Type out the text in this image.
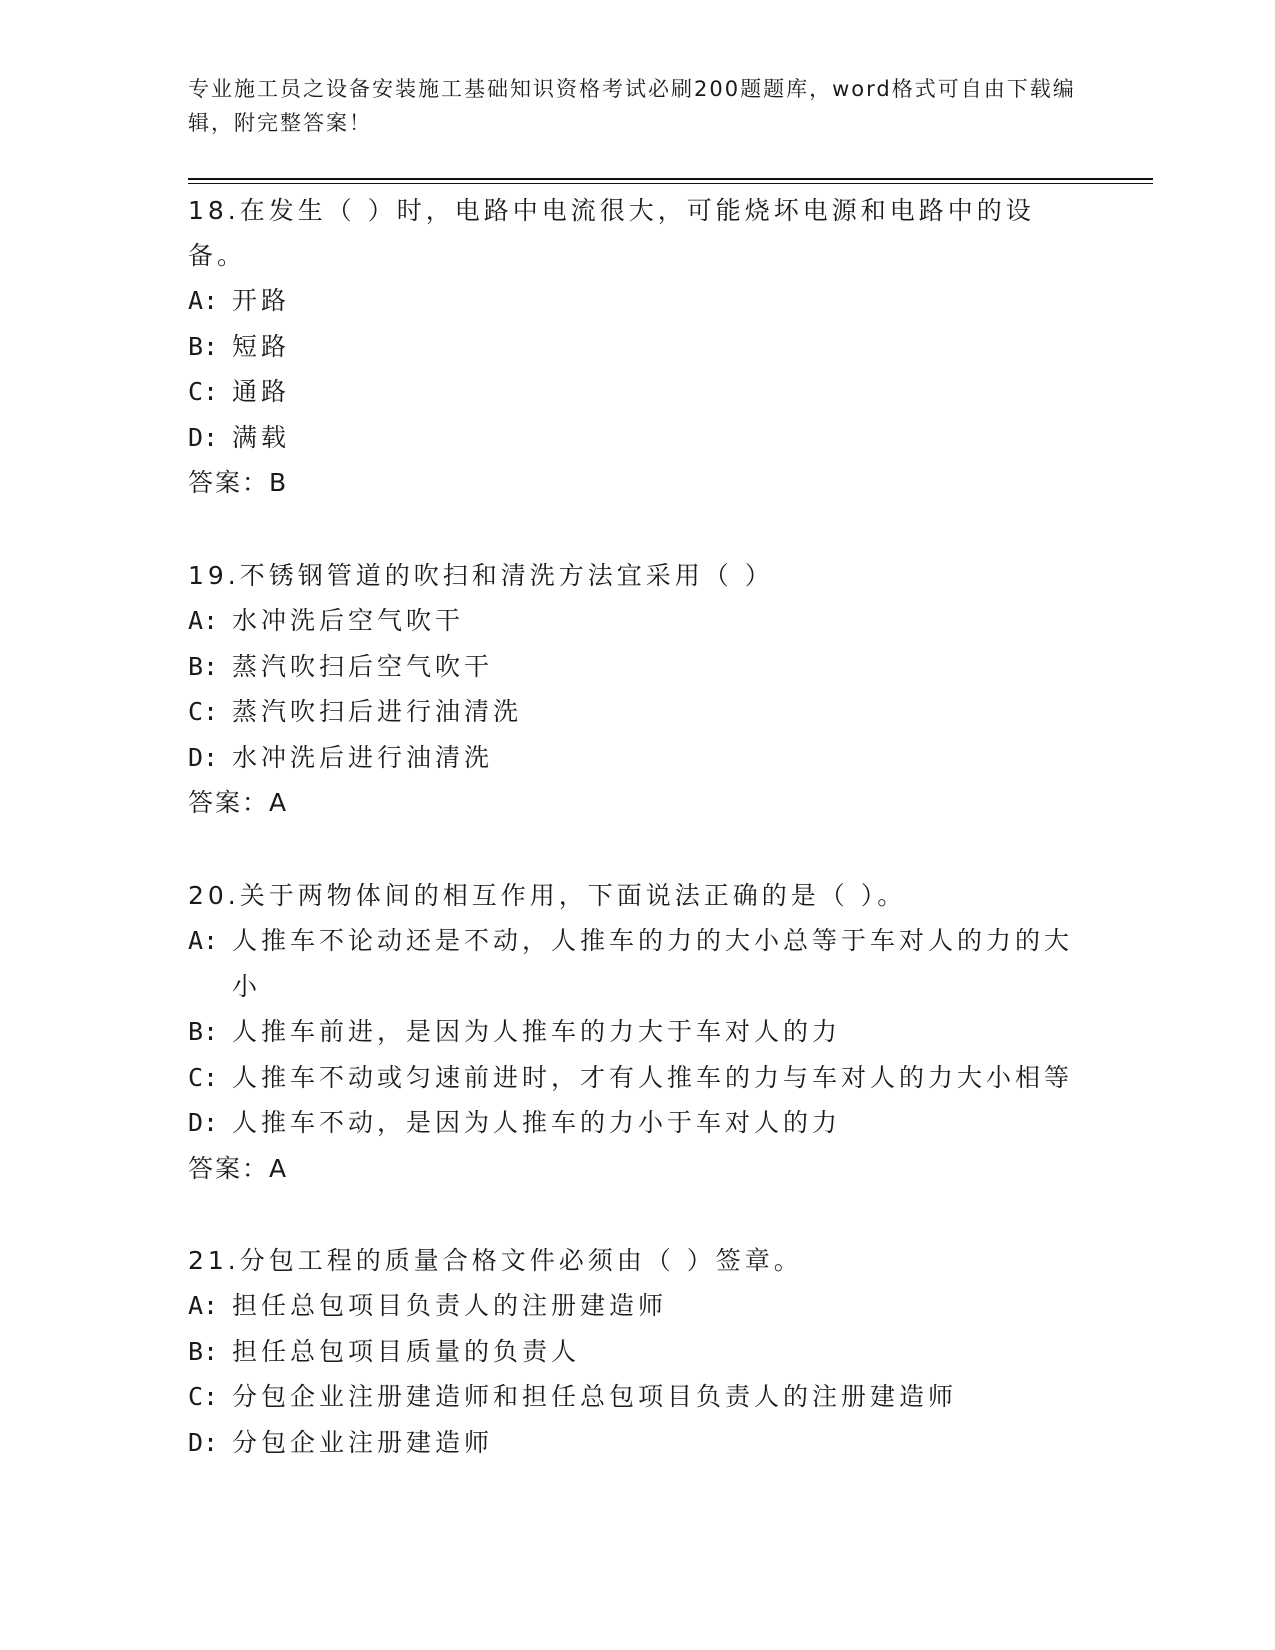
专业施工员之设备安装施工基础知识资格考试必刷200题题库，word格式可自由下载编辑，附完整答案！

18.在发生（ ）时，电路中电流很大，可能烧坏电源和电路中的设备。

A: 开路
B: 短路
C: 通路
D: 满载

答案：B

19.不锈钢管道的吹扫和清洗方法宜采用（ ）

A: 水冲洗后空气吹干
B: 蒸汽吹扫后空气吹干
C: 蒸汽吹扫后进行油清洗
D: 水冲洗后进行油清洗

答案：A

20.关于两物体间的相互作用，下面说法正确的是（ ）。

A: 人推车不论动还是不动，人推车的力的大小总等于车对人的力的大小
B: 人推车前进，是因为人推车的力大于车对人的力
C: 人推车不动或匀速前进时，才有人推车的力与车对人的力大小相等
D: 人推车不动，是因为人推车的力小于车对人的力

答案：A

21.分包工程的质量合格文件必须由（ ）签章。

A: 担任总包项目负责人的注册建造师
B: 担任总包项目质量的负责人
C: 分包企业注册建造师和担任总包项目负责人的注册建造师
D: 分包企业注册建造师
